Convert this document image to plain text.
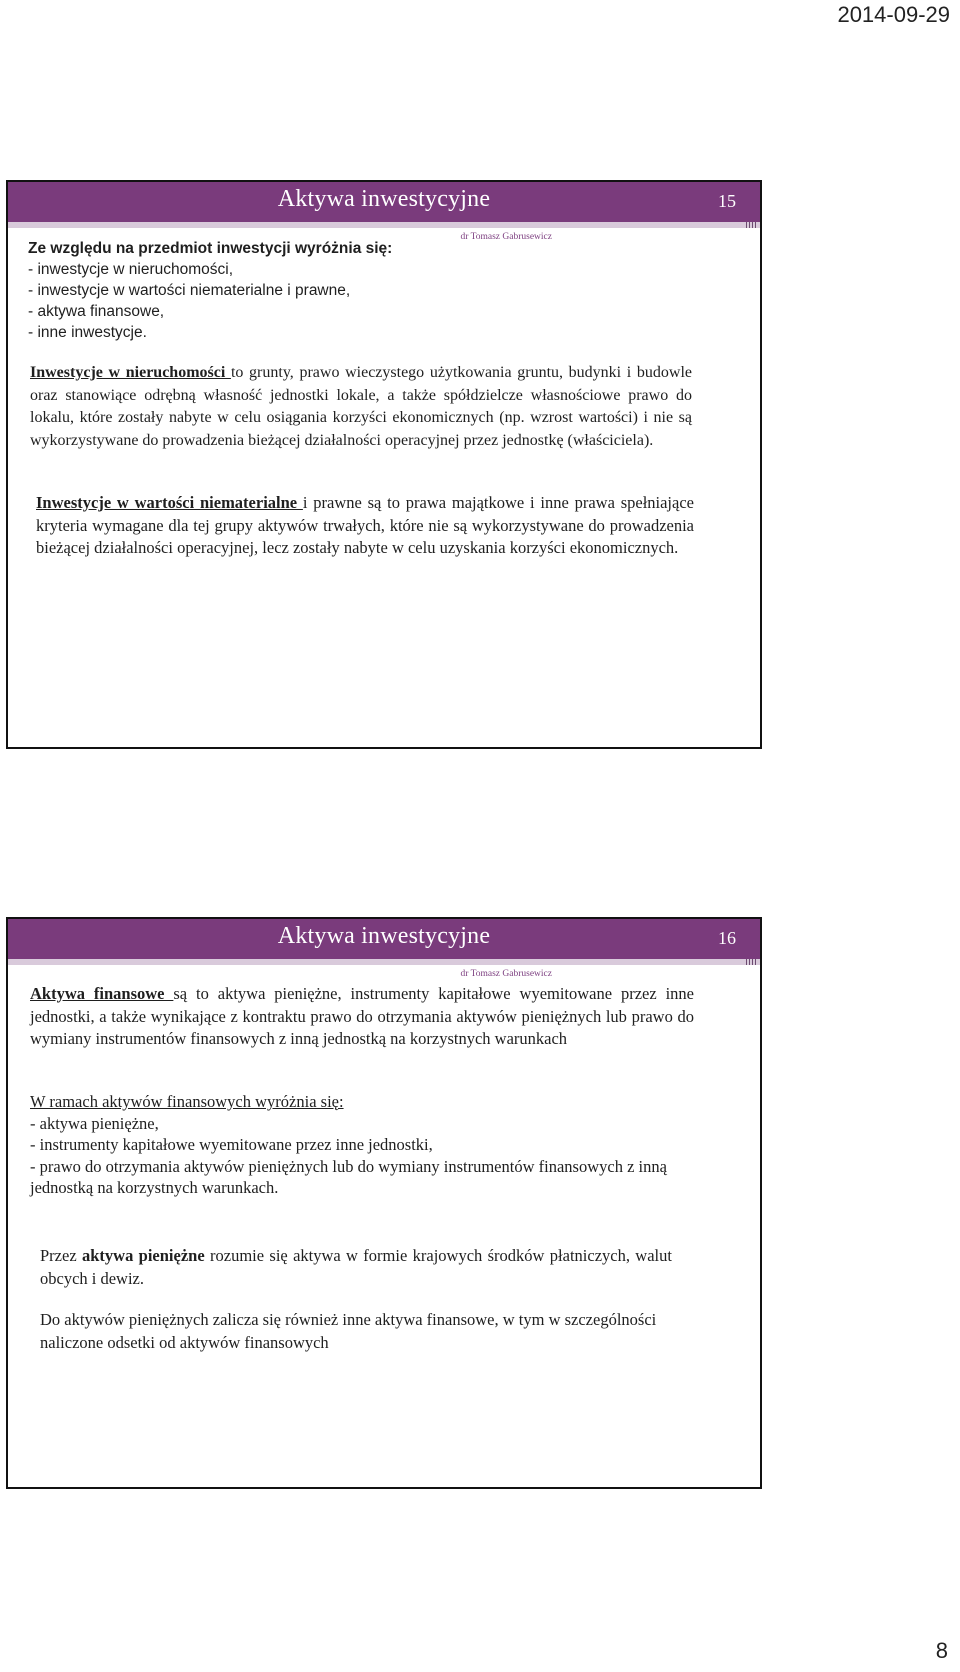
2014-09-29
Aktywa inwestycyjne	15
dr Tomasz Gabrusewicz

Ze względu na przedmiot inwestycji wyróżnia się:

- inwestycje w nieruchomości,

- inwestycje w wartości niematerialne i prawne,

- aktywa finansowe,

- inne inwestycje.

Inwestycje w nieruchomości to grunty, prawo wieczystego użytkowania gruntu, budynki i budowle oraz stanowiące odrębną własność jednostki lokale, a także spółdzielcze własnościowe prawo do lokalu, które zostały nabyte w celu osiągania korzyści ekonomicznych (np. wzrost wartości) i nie są wykorzystywane do prowadzenia bieżącej działalności operacyjnej przez jednostkę (właściciela).

Inwestycje w wartości niematerialne i prawne są to prawa majątkowe i inne prawa spełniające kryteria wymagane dla tej grupy aktywów trwałych, które nie są wykorzystywane do prowadzenia bieżącej działalności operacyjnej, lecz zostały nabyte w celu uzyskania korzyści ekonomicznych.

Aktywa inwestycyjne	16
dr Tomasz Gabrusewicz

Aktywa finansowe są to aktywa pieniężne, instrumenty kapitałowe wyemitowane przez inne jednostki, a także wynikające z kontraktu prawo do otrzymania aktywów pieniężnych lub prawo do wymiany instrumentów finansowych z inną jednostką na korzystnych warunkach

W ramach aktywów finansowych wyróżnia się:

- aktywa pieniężne,

- instrumenty kapitałowe wyemitowane przez inne jednostki,

- prawo do otrzymania aktywów pieniężnych lub do wymiany instrumentów finansowych z inną jednostką na korzystnych warunkach.

Przez aktywa pieniężne rozumie się aktywa w formie krajowych środków płatniczych, walut obcych i dewiz.

Do aktywów pieniężnych zalicza się również inne aktywa finansowe, w tym w szczególności naliczone odsetki od aktywów finansowych

8
